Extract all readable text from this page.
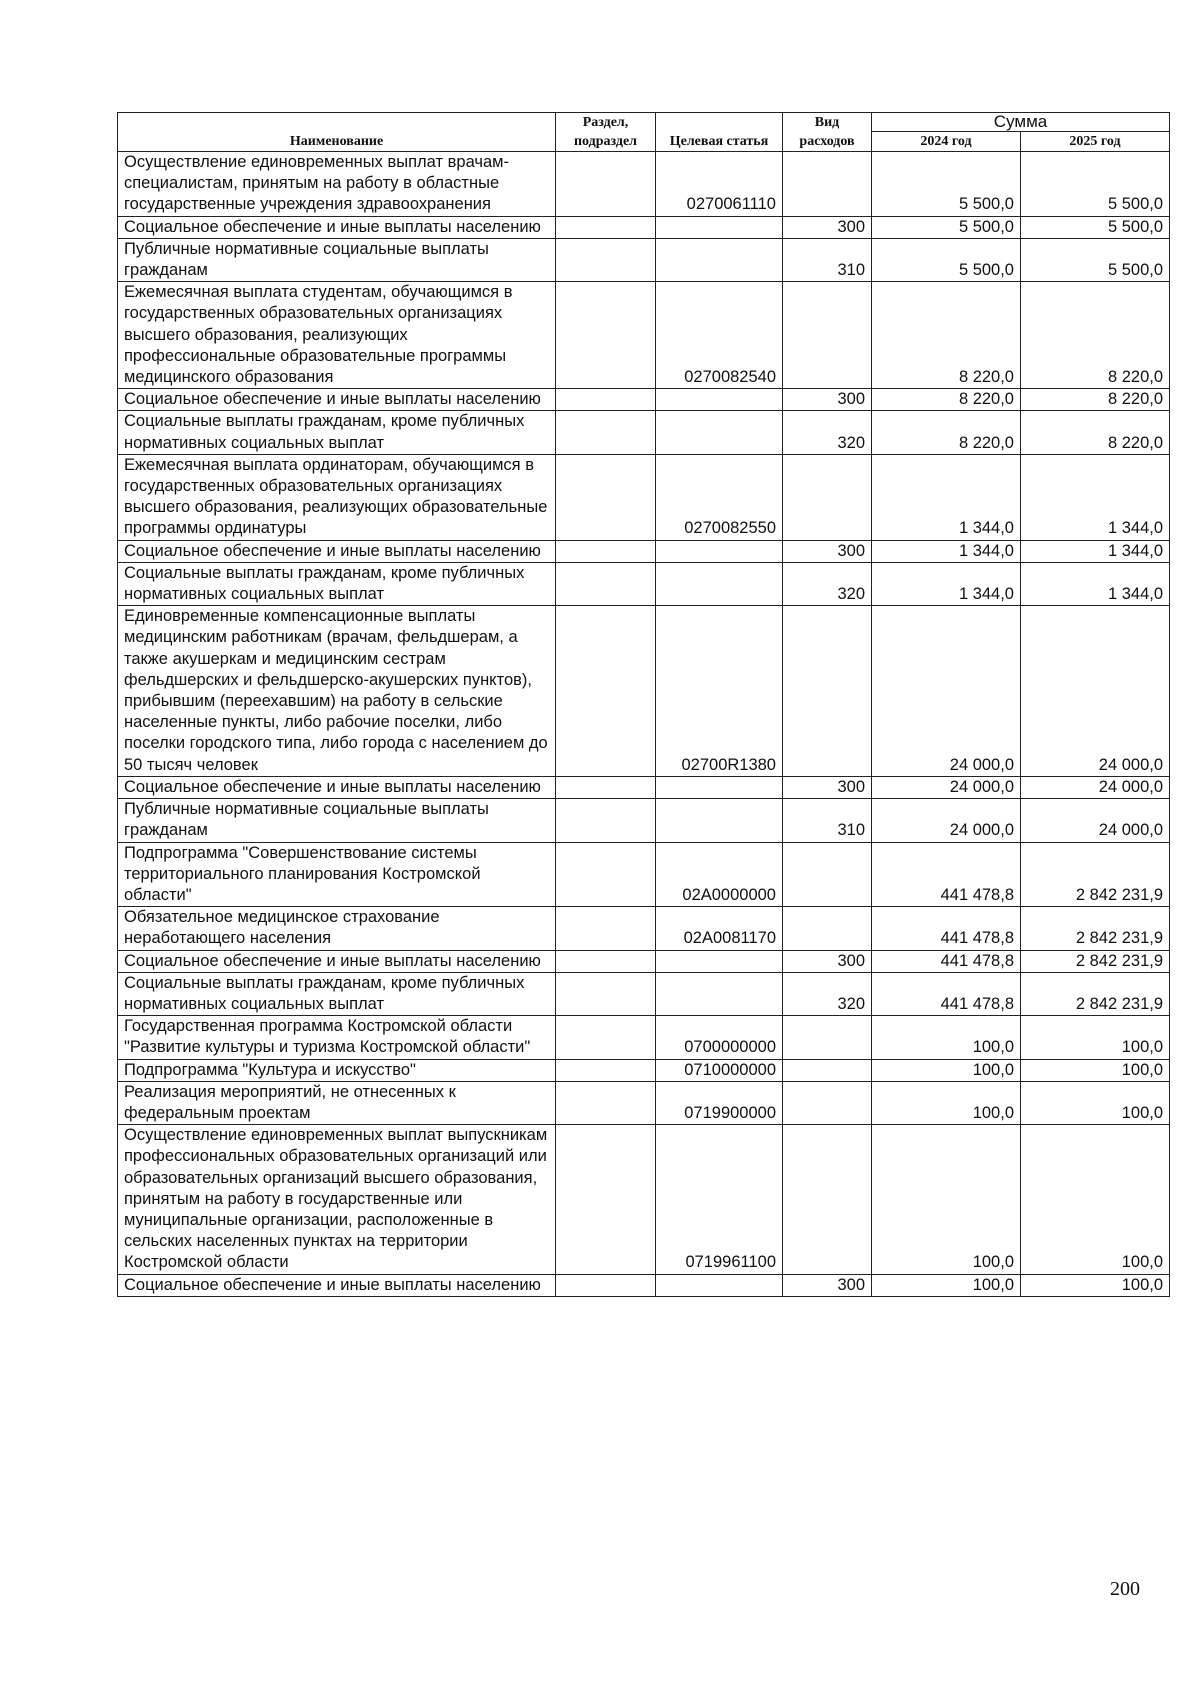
Наименование	Раздел, подраздел	Целевая статья	Вид расходов	Сумма	
				2024 год	2025 год
Осуществление единовременных выплат врачам-специалистам, принятым на работу в областные государственные учреждения здравоохранения		0270061110		5 500,0	5 500,0
Социальное обеспечение и иные выплаты населению			300	5 500,0	5 500,0
Публичные нормативные социальные выплаты гражданам			310	5 500,0	5 500,0
Ежемесячная выплата студентам, обучающимся в государственных образовательных организациях высшего образования, реализующих профессиональные образовательные программы медицинского образования		0270082540		8 220,0	8 220,0
Социальное обеспечение и иные выплаты населению			300	8 220,0	8 220,0
Социальные выплаты гражданам, кроме публичных нормативных социальных выплат			320	8 220,0	8 220,0
Ежемесячная выплата ординаторам, обучающимся в государственных образовательных организациях высшего образования, реализующих образовательные программы ординатуры		0270082550		1 344,0	1 344,0
Социальное обеспечение и иные выплаты населению			300	1 344,0	1 344,0
Социальные выплаты гражданам, кроме публичных нормативных социальных выплат			320	1 344,0	1 344,0
Единовременные компенсационные выплаты медицинским работникам (врачам, фельдшерам, а также акушеркам и медицинским сестрам фельдшерских и фельдшерско-акушерских пунктов), прибывшим (переехавшим) на работу в сельские населенные пункты, либо рабочие поселки, либо поселки городского типа, либо города с населением до 50 тысяч человек		02700R1380		24 000,0	24 000,0
Социальное обеспечение и иные выплаты населению			300	24 000,0	24 000,0
Публичные нормативные социальные выплаты гражданам			310	24 000,0	24 000,0
Подпрограмма "Совершенствование системы территориального планирования Костромской области"		02A0000000		441 478,8	2 842 231,9
Обязательное медицинское страхование неработающего населения		02A0081170		441 478,8	2 842 231,9
Социальное обеспечение и иные выплаты населению			300	441 478,8	2 842 231,9
Социальные выплаты гражданам, кроме публичных нормативных социальных выплат			320	441 478,8	2 842 231,9
Государственная программа Костромской области "Развитие культуры и туризма Костромской области"		0700000000		100,0	100,0
Подпрограмма "Культура и искусство"		0710000000		100,0	100,0
Реализация мероприятий, не отнесенных к федеральным проектам		0719900000		100,0	100,0
Осуществление единовременных выплат выпускникам профессиональных образовательных организаций или образовательных организаций высшего образования, принятым на работу в государственные или муниципальные организации, расположенные в сельских населенных пунктах на территории Костромской области		0719961100		100,0	100,0
Социальное обеспечение и иные выплаты населению			300	100,0	100,0
200
